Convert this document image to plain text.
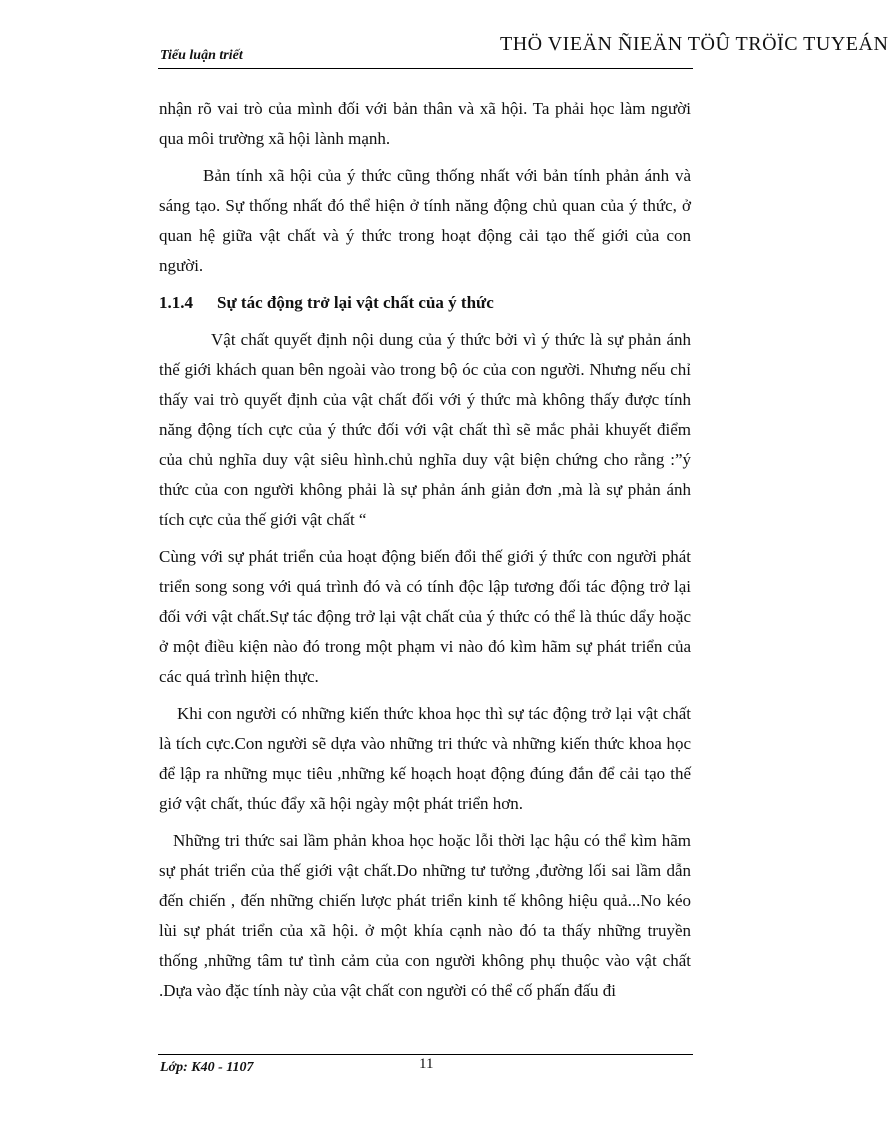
Tiểu luận triết
THÖ VIEÄN ÑIEÄN TÖÛ TRÖÏC TUYEÁN

nhận rõ vai trò của mình đối với bản thân và xã hội. Ta phải học làm người qua môi trường xã hội lành mạnh.

Bản tính xã hội của ý thức cũng thống nhất với bản tính phản ánh và sáng tạo. Sự thống nhất đó thể hiện ở tính năng động chủ quan của ý thức, ở quan hệ giữa vật chất và ý thức trong hoạt động cải tạo thế giới của con người.

1.1.4 Sự tác động trở lại vật chất của ý thức

Vật chất quyết định nội dung của ý thức bởi vì ý thức là sự phản ánh thế giới khách quan bên ngoài vào trong bộ óc của con người. Nhưng nếu chỉ thấy vai trò quyết định của vật chất đối với ý thức mà không thấy được tính năng động tích cực của ý thức đối với vật chất thì sẽ mắc phải khuyết điểm của chủ nghĩa duy vật siêu hình.chủ nghĩa duy vật biện chứng cho rằng :”ý thức của con người không phải là sự phản ánh giản đơn ,mà là sự phản ánh tích cực của thế giới vật chất “

Cùng với sự phát triển của hoạt động biến đổi thế giới ý thức con người phát triển song song với quá trình đó và có tính độc lập tương đối tác động trở lại đối với vật chất.Sự tác động trở lại vật chất của ý thức có thể là thúc dẩy hoặc ở một điều kiện nào đó trong một phạm vi nào đó kìm hãm sự phát triển của các quá trình hiện thực.

Khi con người có những kiến thức khoa học thì sự tác động trở lại vật chất là tích cực.Con người sẽ dựa vào những tri thức và những kiến thức khoa học để lập ra những mục tiêu ,những kế hoạch hoạt động đúng đắn để cải tạo thế giớ vật chất, thúc đẩy xã hội ngày một phát triển hơn.

Những tri thức sai lầm phản khoa học hoặc lỗi thời lạc hậu có thể kìm hãm sự phát triển của thế giới vật chất.Do những tư tưởng ,đường lối sai lầm dẫn đến chiến , đến những chiến lược phát triển kinh tế không hiệu quả...No kéo lùi sự phát triển của xã hội. ở một khía cạnh nào đó ta thấy những truyền thống ,những tâm tư tình cảm của con người không phụ thuộc vào vật chất .Dựa vào đặc tính này của vật chất con người có thể cố phấn đấu đi

Lớp: K40 - 1107	11
